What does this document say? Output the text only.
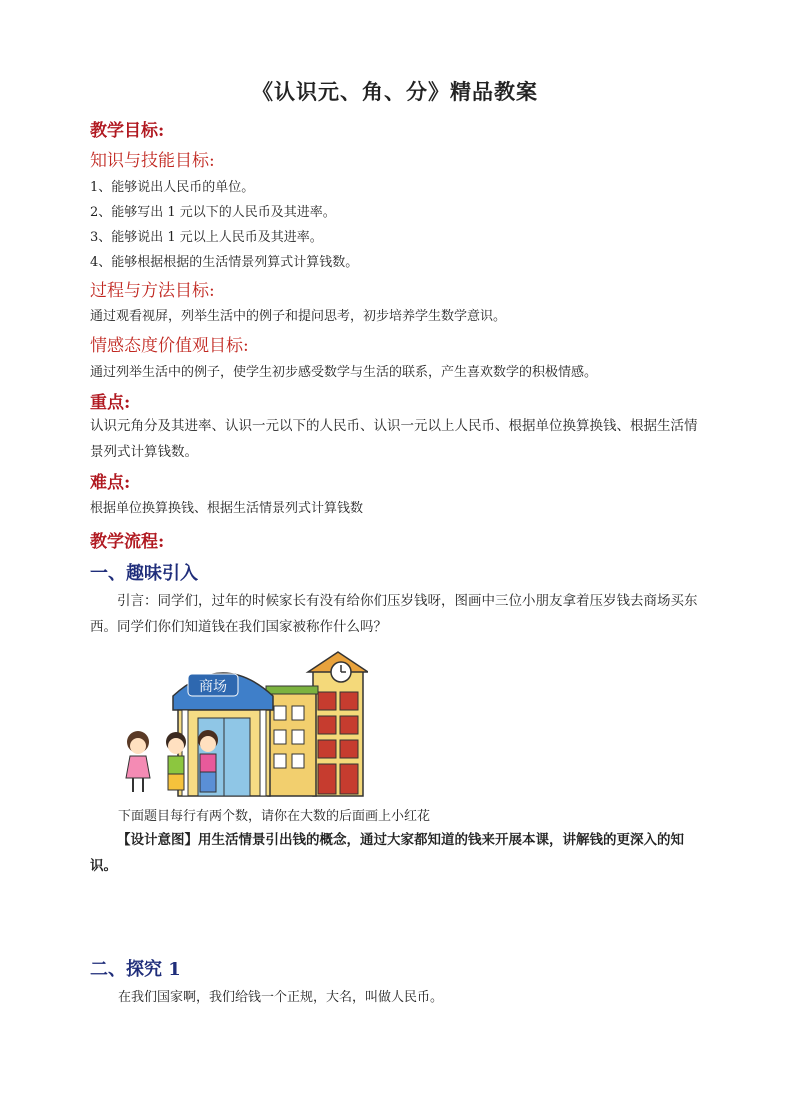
《认识元、角、分》精品教案
教学目标:
知识与技能目标:
1、能够说出人民币的单位。
2、能够写出 1 元以下的人民币及其进率。
3、能够说出 1 元以上人民币及其进率。
4、能够根据根据的生活情景列算式计算钱数。
过程与方法目标:
通过观看视屏，列举生活中的例子和提问思考，初步培养学生数学意识。
情感态度价值观目标:
通过列举生活中的例子，使学生初步感受数学与生活的联系，产生喜欢数学的积极情感。
重点:
认识元角分及其进率、认识一元以下的人民币、认识一元以上人民币、根据单位换算换钱、根据生活情景列式计算钱数。
难点:
根据单位换算换钱、根据生活情景列式计算钱数
教学流程:
一、趣味引入
引言：同学们，过年的时候家长有没有给你们压岁钱呀，图画中三位小朋友拿着压岁钱去商场买东西。同学们你们知道钱在我们国家被称作什么吗？
商场
下面题目每行有两个数，请你在大数的后面画上小红花
【设计意图】用生活情景引出钱的概念，通过大家都知道的钱来开展本课，讲解钱的更深入的知识。
二、探究 1
在我们国家啊，我们给钱一个正规，大名，叫做人民币。
